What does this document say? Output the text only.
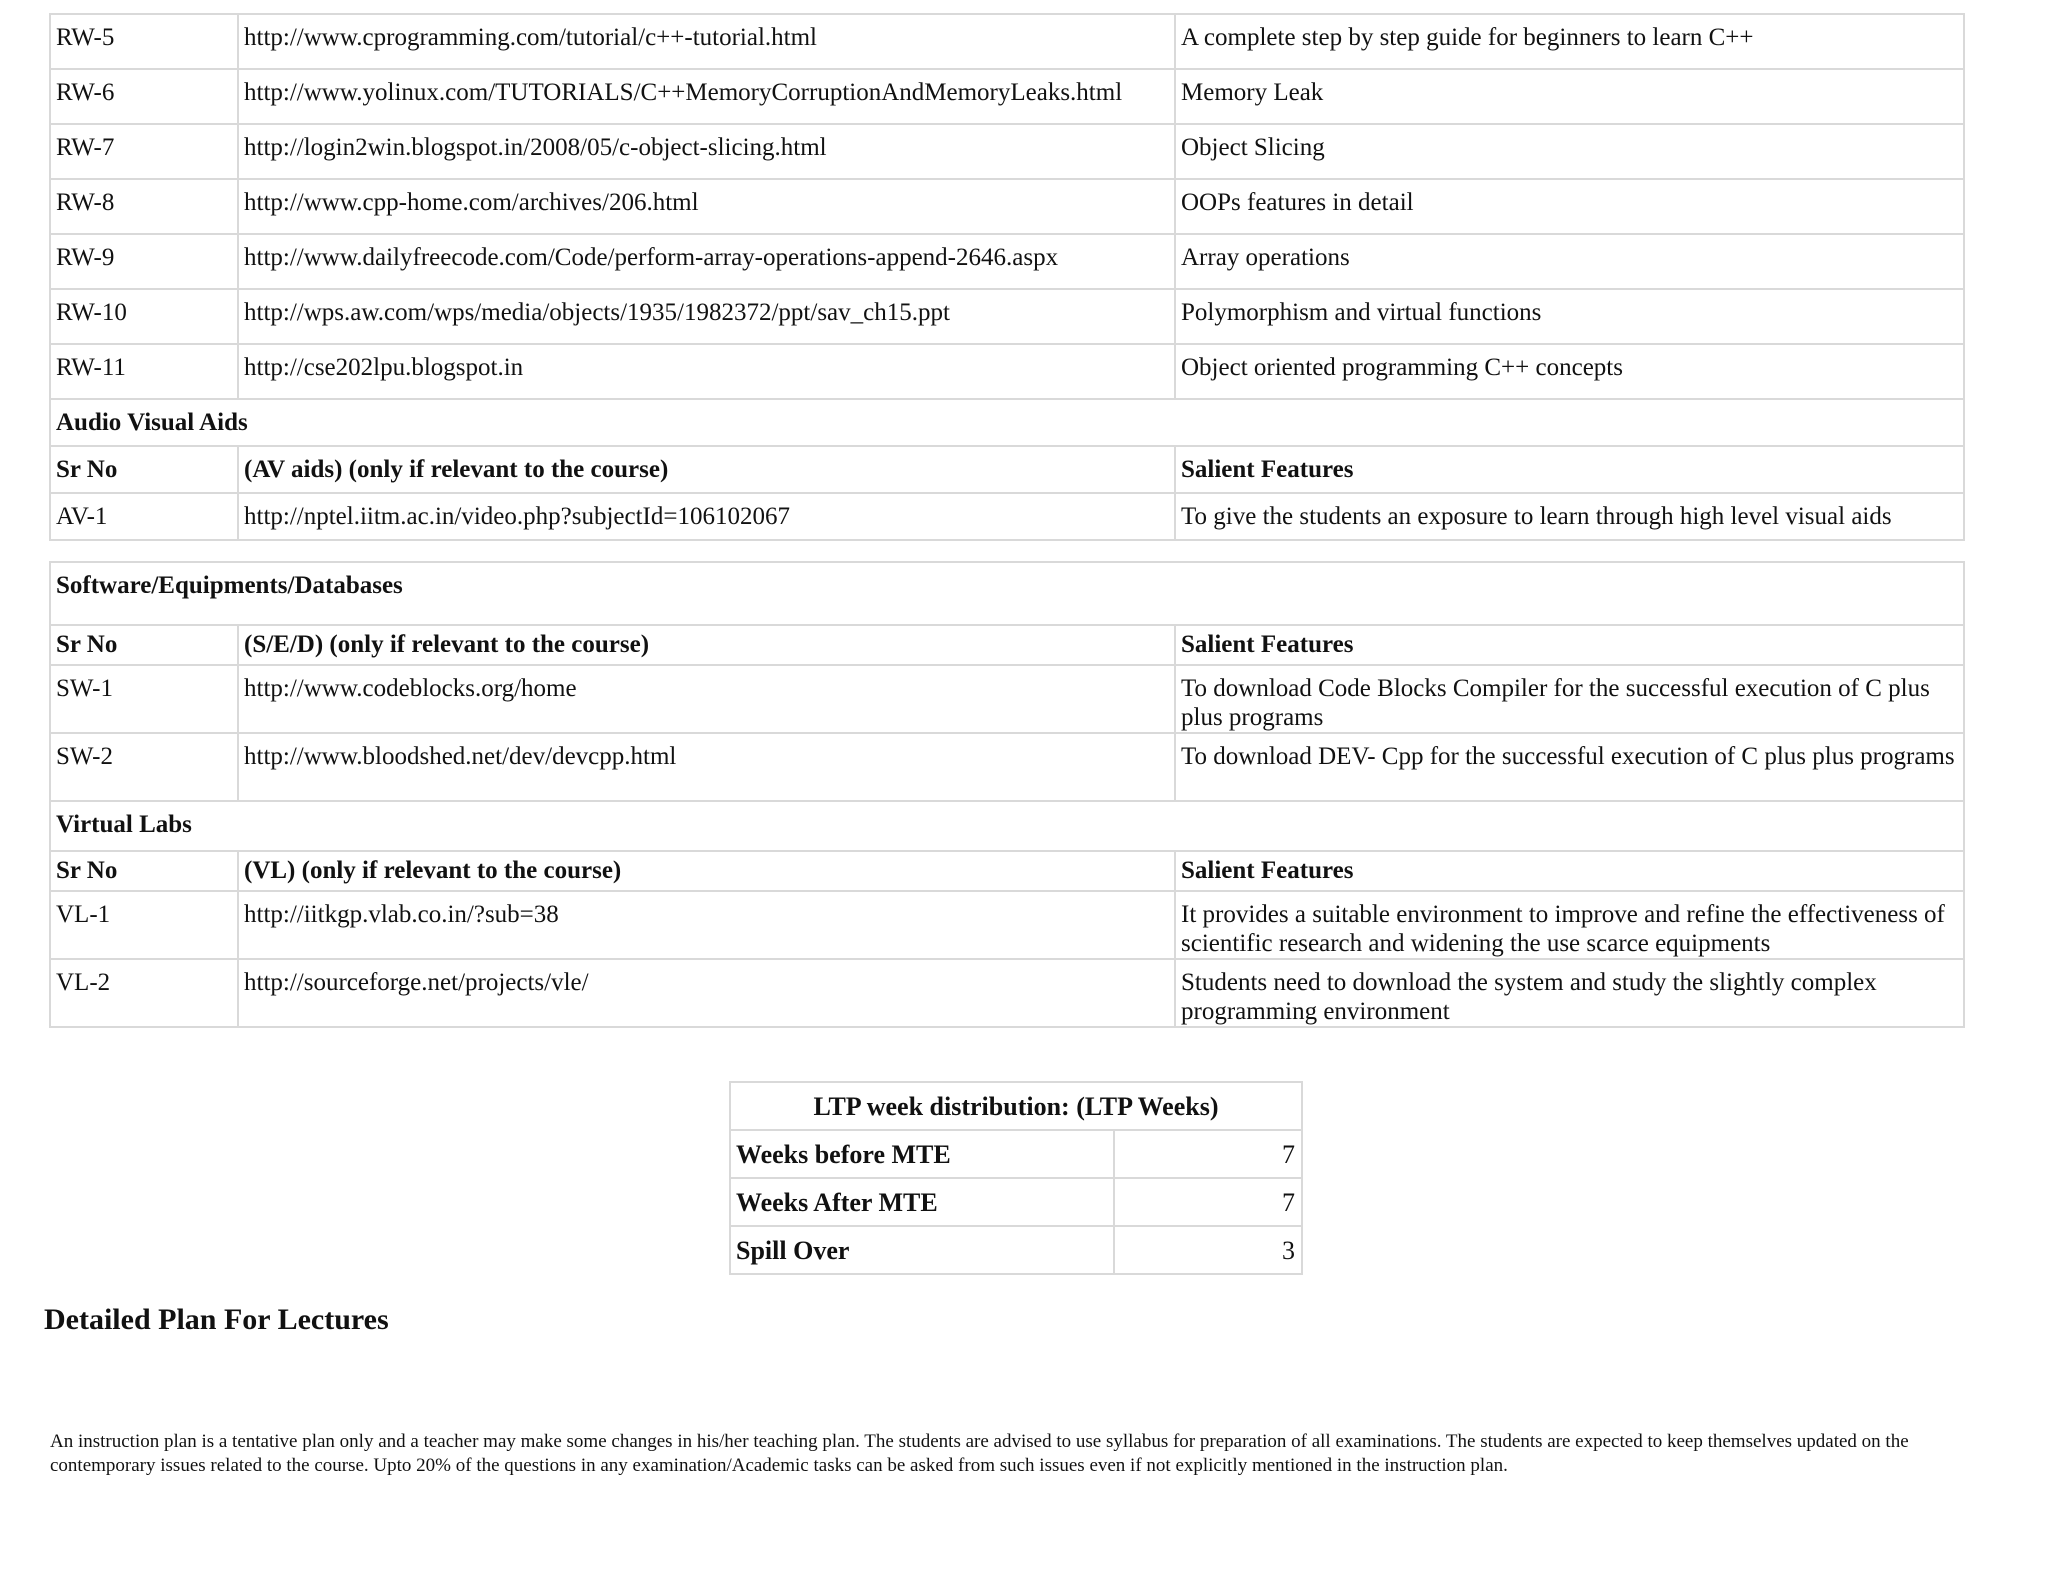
RW-5	http://www.cprogramming.com/tutorial/c++-tutorial.html	A complete step by step guide for beginners to learn C++
RW-6	http://www.yolinux.com/TUTORIALS/C++MemoryCorruptionAndMemoryLeaks.html	Memory Leak
RW-7	http://login2win.blogspot.in/2008/05/c-object-slicing.html	Object Slicing
RW-8	http://www.cpp-home.com/archives/206.html	OOPs features in detail
RW-9	http://www.dailyfreecode.com/Code/perform-array-operations-append-2646.aspx	Array operations
RW-10	http://wps.aw.com/wps/media/objects/1935/1982372/ppt/sav_ch15.ppt	Polymorphism and virtual functions
RW-11	http://cse202lpu.blogspot.in	Object oriented programming C++ concepts
Audio Visual Aids		
Sr No	(AV aids) (only if relevant to the course)	Salient Features
AV-1	http://nptel.iitm.ac.in/video.php?subjectId=106102067	To give the students an exposure to learn through high level visual aids
Software/Equipments/Databases		
Sr No	(S/E/D) (only if relevant to the course)	Salient Features
SW-1	http://www.codeblocks.org/home	To download Code Blocks Compiler for the successful execution of C plus plus programs
SW-2	http://www.bloodshed.net/dev/devcpp.html	To download DEV- Cpp for the successful execution of C plus plus programs
Virtual Labs		
Sr No	(VL) (only if relevant to the course)	Salient Features
VL-1	http://iitkgp.vlab.co.in/?sub=38	It provides a suitable environment to improve and refine the effectiveness of scientific research and widening the use scarce equipments
VL-2	http://sourceforge.net/projects/vle/	Students need to download the system and study the slightly complex programming environment
LTP week distribution: (LTP Weeks)	
Weeks before MTE	7
Weeks After MTE	7
Spill Over	3
Detailed Plan For Lectures

An instruction plan is a tentative plan only and a teacher may make some changes in his/her teaching plan. The students are advised to use syllabus for preparation of all examinations. The students are expected to keep themselves updated on the contemporary issues related to the course. Upto 20% of the questions in any examination/Academic tasks can be asked from such issues even if not explicitly mentioned in the instruction plan.
